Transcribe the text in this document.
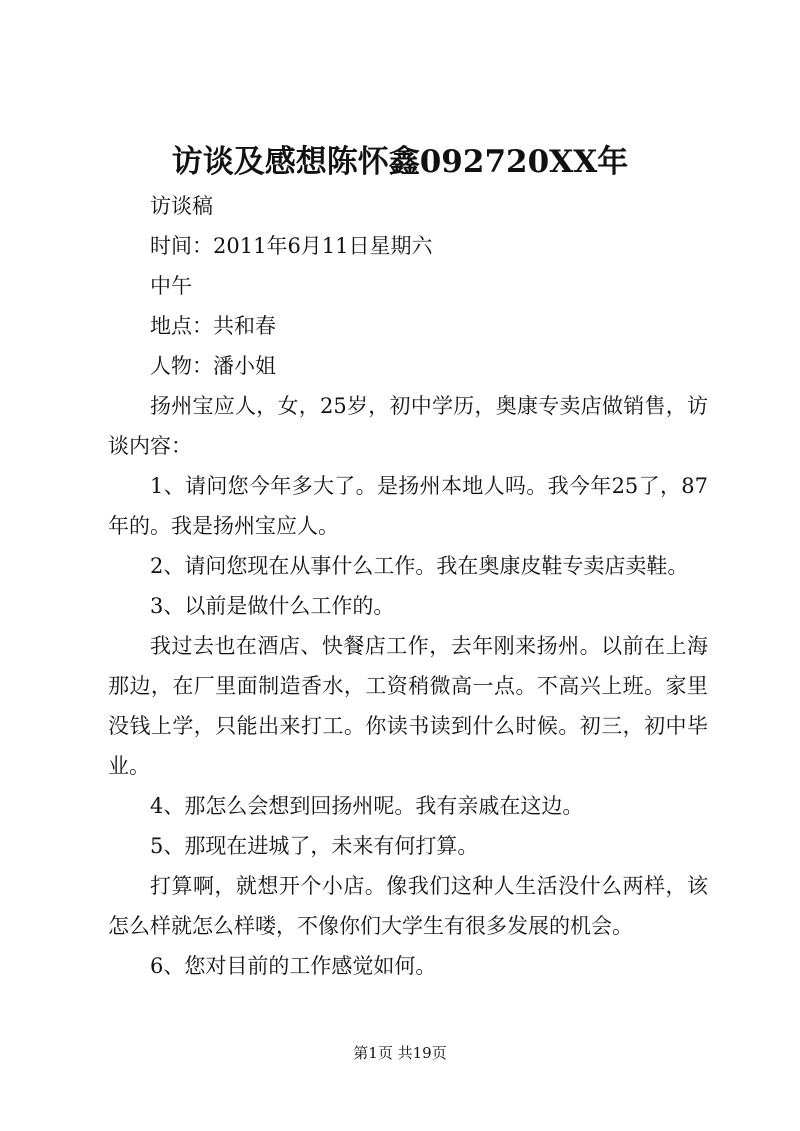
访谈及感想陈怀鑫092720XX年

访谈稿

时间：2011年6月11日星期六

中午

地点：共和春

人物：潘小姐

扬州宝应人，女，25岁，初中学历，奥康专卖店做销售，访谈内容：

1、请问您今年多大了。是扬州本地人吗。我今年25了，87年的。我是扬州宝应人。

2、请问您现在从事什么工作。我在奥康皮鞋专卖店卖鞋。

3、以前是做什么工作的。

我过去也在酒店、快餐店工作，去年刚来扬州。以前在上海那边，在厂里面制造香水，工资稍微高一点。不高兴上班。家里没钱上学，只能出来打工。你读书读到什么时候。初三，初中毕业。

4、那怎么会想到回扬州呢。我有亲戚在这边。

5、那现在进城了，未来有何打算。

打算啊，就想开个小店。像我们这种人生活没什么两样，该怎么样就怎么样喽，不像你们大学生有很多发展的机会。

6、您对目前的工作感觉如何。

第1页 共19页
